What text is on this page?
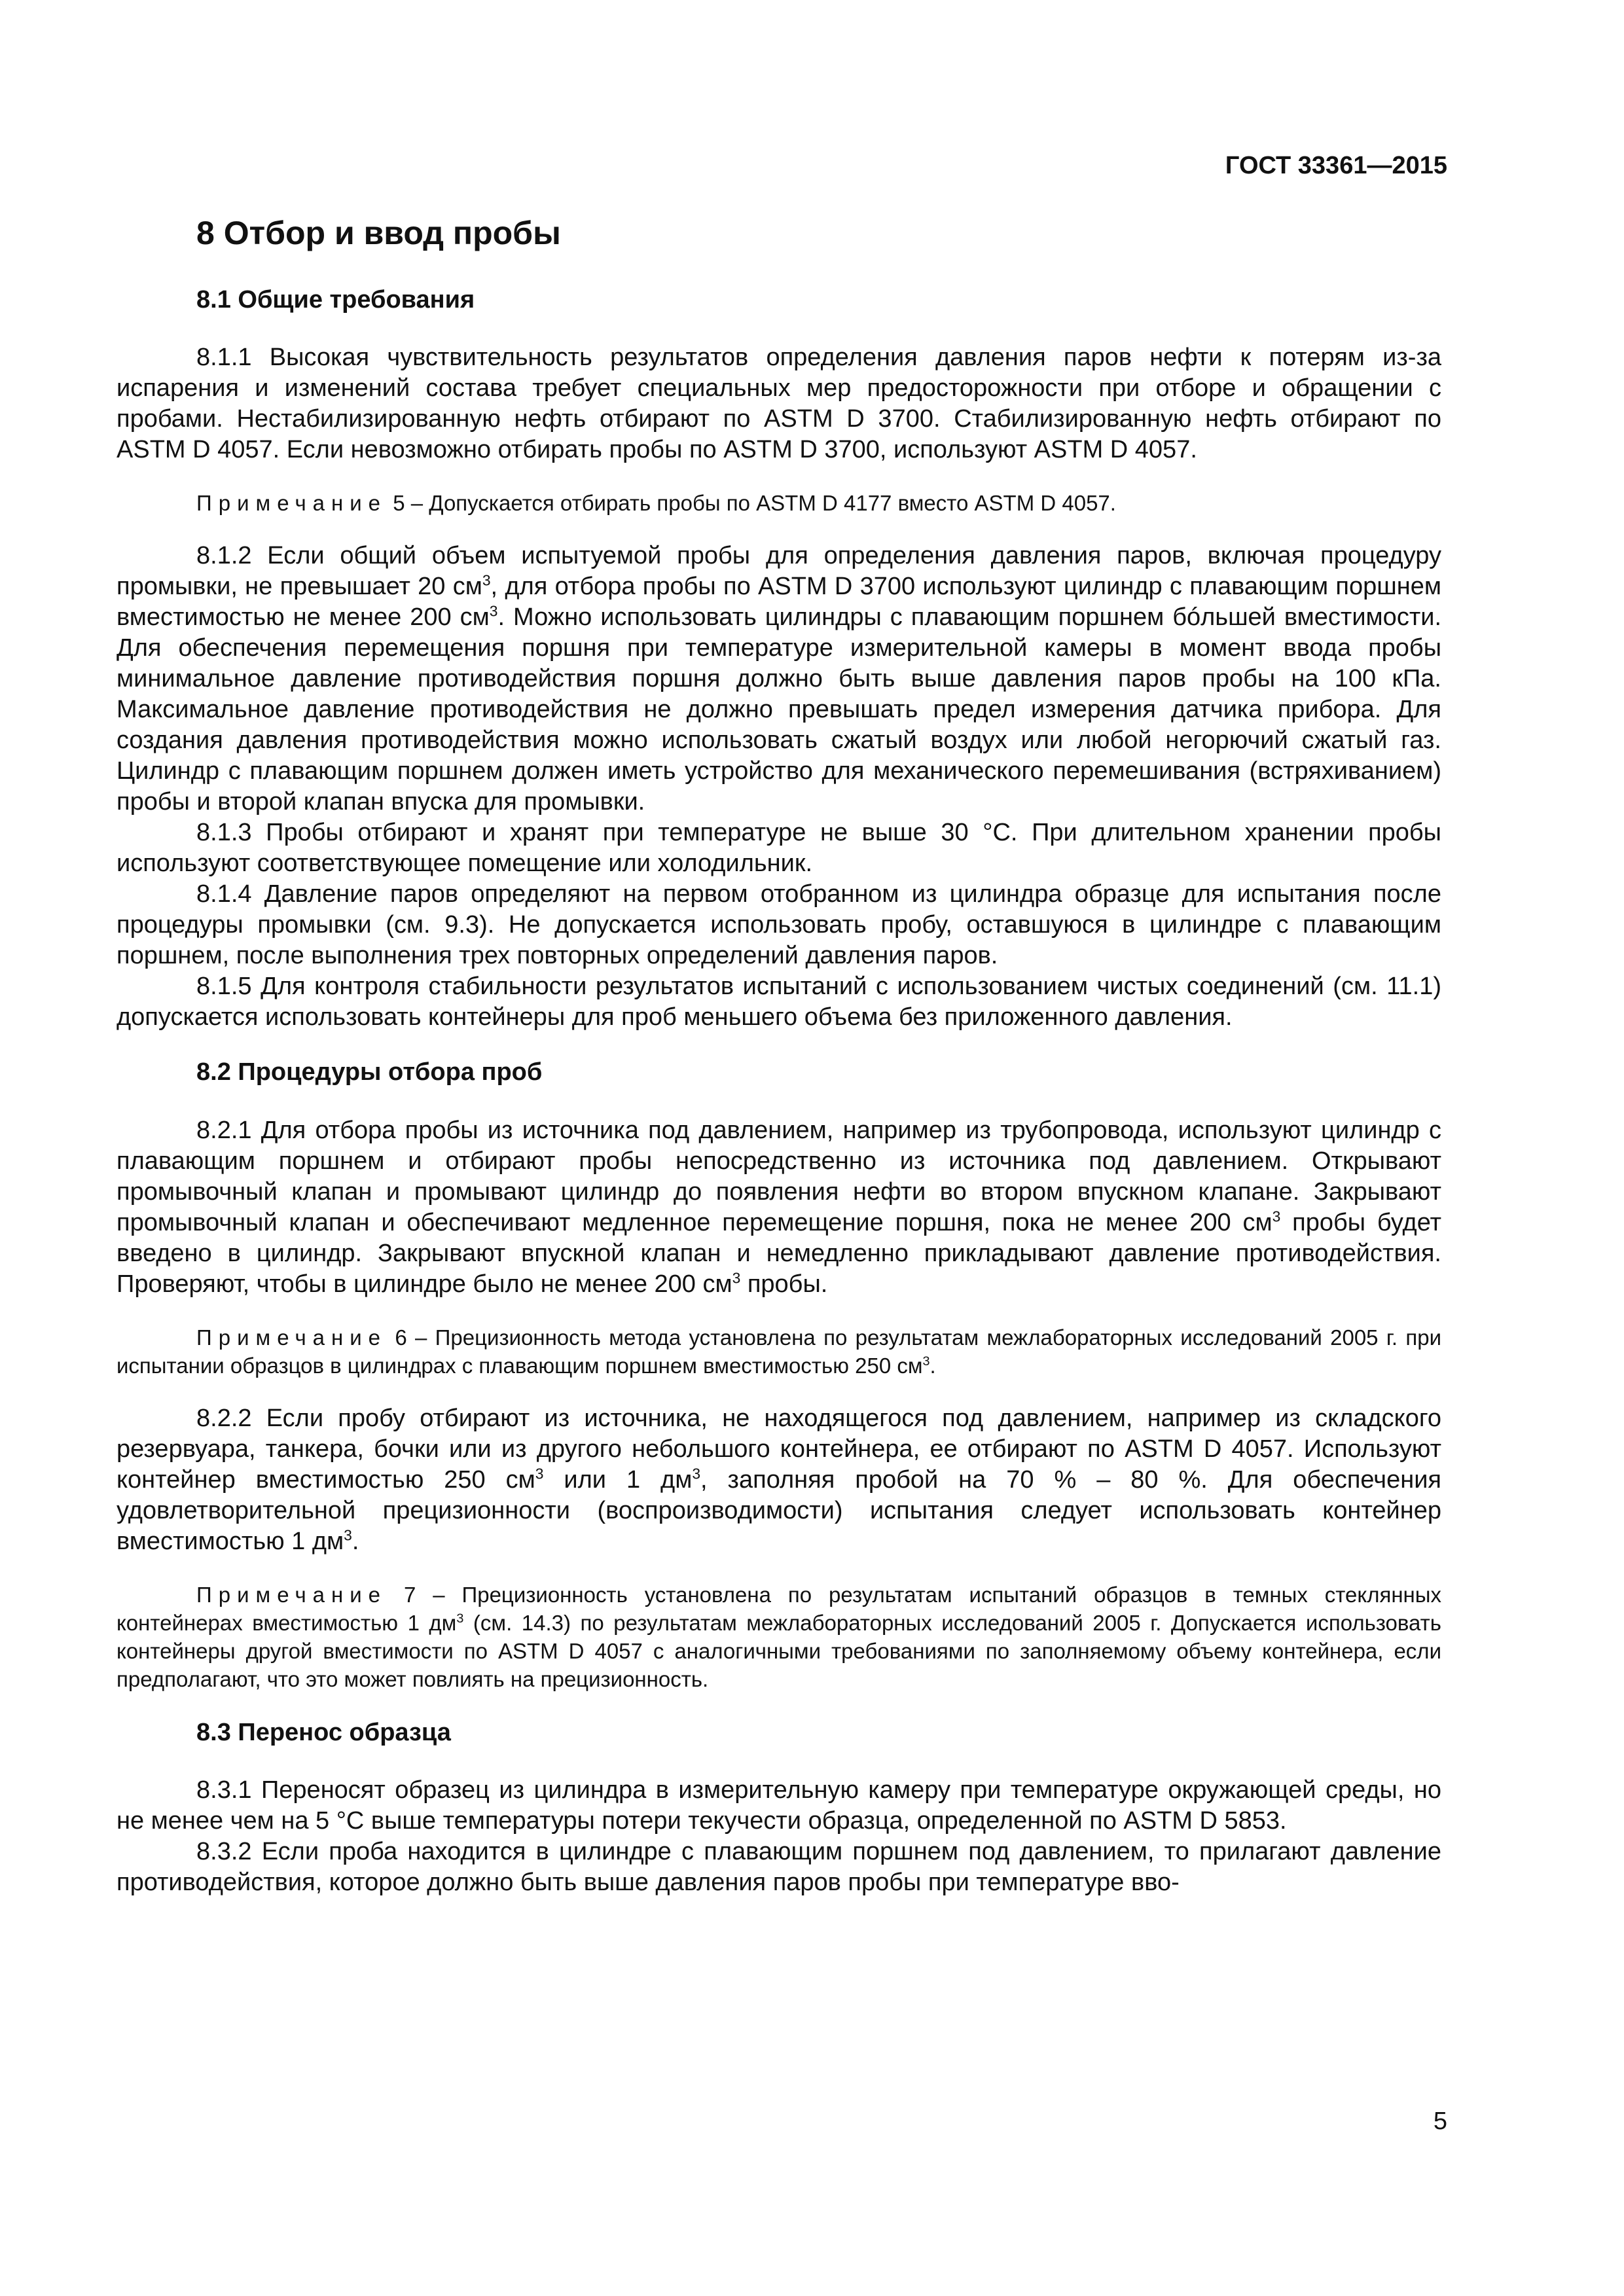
ГОСТ 33361—2015
8 Отбор и ввод пробы
8.1 Общие требования

8.1.1 Высокая чувствительность результатов определения давления паров нефти к потерям из-за испарения и изменений состава требует специальных мер предосторожности при отборе и обращении с пробами. Нестабилизированную нефть отбирают по ASTM D 3700. Стабилизированную нефть отбирают по ASTM D 4057. Если невозможно отбирать пробы по ASTM D 3700, используют ASTM D 4057.

Примечание 5 – Допускается отбирать пробы по ASTM D 4177 вместо ASTM D 4057.

8.1.2 Если общий объем испытуемой пробы для определения давления паров, включая процедуру промывки, не превышает 20 $см^3$, для отбора пробы по ASTM D 3700 используют цилиндр с плавающим поршнем вместимостью не менее 200 $см^3$. Можно использовать цилиндры с плавающим поршнем бóльшей вместимости. Для обеспечения перемещения поршня при температуре измерительной камеры в момент ввода пробы минимальное давление противодействия поршня должно быть выше давления паров пробы на 100 кПа. Максимальное давление противодействия не должно превышать предел измерения датчика прибора. Для создания давления противодействия можно использовать сжатый воздух или любой негорючий сжатый газ. Цилиндр с плавающим поршнем должен иметь устройство для механического перемешивания (встряхиванием) пробы и второй клапан впуска для промывки.

8.1.3 Пробы отбирают и хранят при температуре не выше 30 °С. При длительном хранении пробы используют соответствующее помещение или холодильник.

8.1.4 Давление паров определяют на первом отобранном из цилиндра образце для испытания после процедуры промывки (см. 9.3). Не допускается использовать пробу, оставшуюся в цилиндре с плавающим поршнем, после выполнения трех повторных определений давления паров.

8.1.5 Для контроля стабильности результатов испытаний с использованием чистых соединений (см. 11.1) допускается использовать контейнеры для проб меньшего объема без приложенного давления.

8.2 Процедуры отбора проб

8.2.1 Для отбора пробы из источника под давлением, например из трубопровода, используют цилиндр с плавающим поршнем и отбирают пробы непосредственно из источника под давлением. Открывают промывочный клапан и промывают цилиндр до появления нефти во втором впускном клапане. Закрывают промывочный клапан и обеспечивают медленное перемещение поршня, пока не менее 200 $см^3$ пробы будет введено в цилиндр. Закрывают впускной клапан и немедленно прикладывают давление противодействия. Проверяют, чтобы в цилиндре было не менее 200 $см^3$ пробы.

Примечание 6 – Прецизионность метода установлена по результатам межлабораторных исследований 2005 г. при испытании образцов в цилиндрах с плавающим поршнем вместимостью 250 $см^3$.

8.2.2 Если пробу отбирают из источника, не находящегося под давлением, например из складского резервуара, танкера, бочки или из другого небольшого контейнера, ее отбирают по ASTM D 4057. Используют контейнер вместимостью 250 $см^3$ или 1 $дм^3$, заполняя пробой на 70 % – 80 %. Для обеспечения удовлетворительной прецизионности (воспроизводимости) испытания следует использовать контейнер вместимостью 1 $дм^3$.

Примечание 7 – Прецизионность установлена по результатам испытаний образцов в темных стеклянных контейнерах вместимостью 1 $дм^3$ (см. 14.3) по результатам межлабораторных исследований 2005 г. Допускается использовать контейнеры другой вместимости по ASTM D 4057 с аналогичными требованиями по заполняемому объему контейнера, если предполагают, что это может повлиять на прецизионность.

8.3 Перенос образца

8.3.1 Переносят образец из цилиндра в измерительную камеру при температуре окружающей среды, но не менее чем на 5 °С выше температуры потери текучести образца, определенной по ASTM D 5853.

8.3.2 Если проба находится в цилиндре с плавающим поршнем под давлением, то прилагают давление противодействия, которое должно быть выше давления паров пробы при температуре вво-

5
